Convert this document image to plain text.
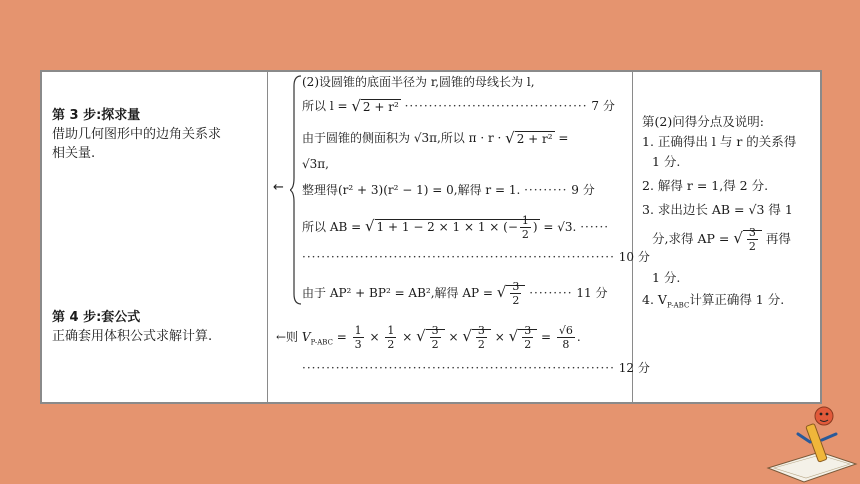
第 3 步:探求量
借助几何图形中的边角关系求
相关量.
第 4 步:套公式
正确套用体积公式求解计算.
←
(2)设圆锥的底面半径为 r,圆锥的母线长为 l,
所以 l = √ 2 + r² ······································ 7 分
由于圆锥的侧面积为 √3π,所以 π · r · √ 2 + r² =
√3π,
整理得(r² + 3)(r² − 1) = 0,解得 r = 1. ········· 9 分
所以 AB = √ 1 + 1 − 2 × 1 × 1 × (− $\frac{1}{2}$ ) = √3. ······
································································· 10 分
由于 AP² + BP² = AB²,解得 AP = √ $\frac{3}{2}$ ········· 11 分
←则 $V_{P-ABC} = \frac{1}{3} \times \frac{1}{2}$ × √ $\frac{3}{2}$ × √ $\frac{3}{2}$ × √ $\frac{3}{2} = \frac{√6}{8}$ .
································································· 12 分
第(2)问得分点及说明:
1. 正确得出 l 与 r 的关系得
1 分.
2. 解得 r = 1,得 2 分.
3. 求出边长 AB = √3 得 1
分,求得 AP = √ $\frac{3}{2}$ 再得
1 分.
4. $V_{P-ABC}$计算正确得 1 分.
